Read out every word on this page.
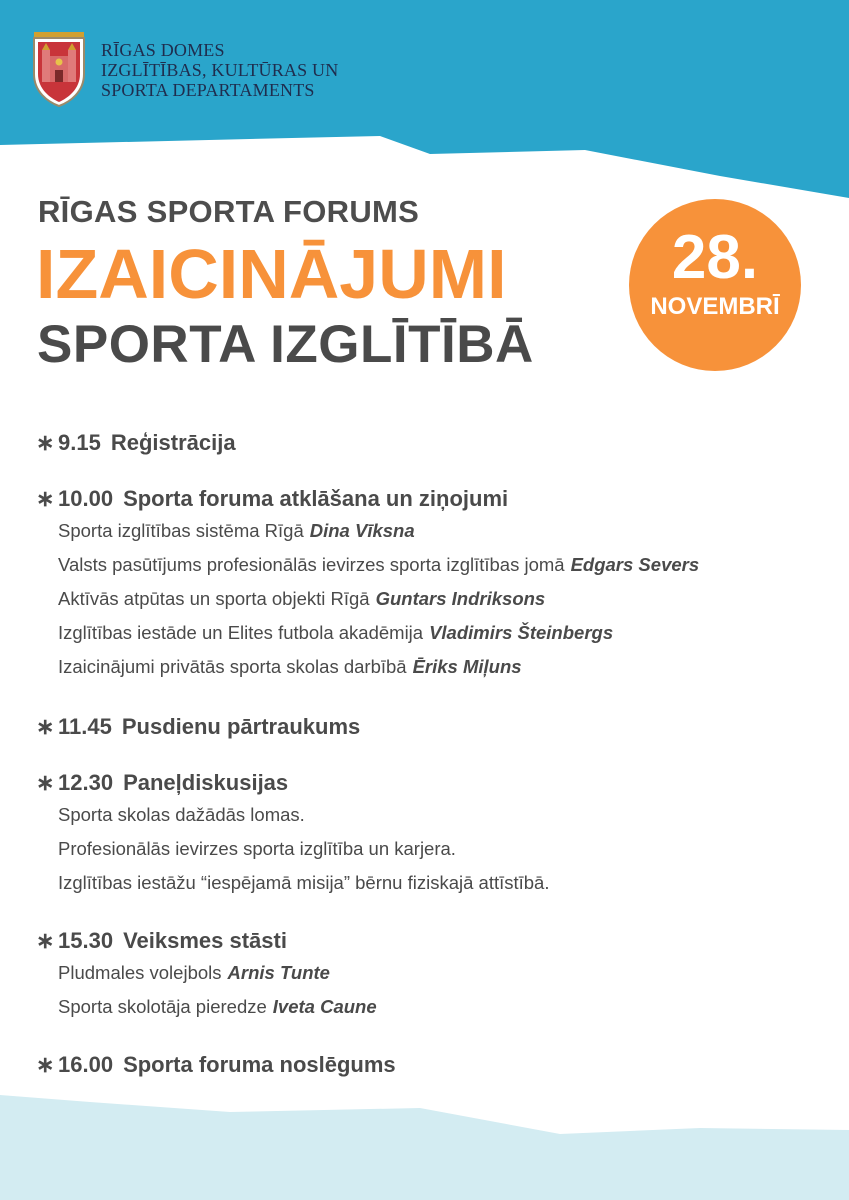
RĪGAS DOMES
IZGLĪTĪBAS, KULTŪRAS UN
SPORTA DEPARTAMENTS
RĪGAS SPORTA FORUMS
IZAICINĀJUMI
SPORTA IZGLĪTĪBĀ
28.
NOVEMBRĪ
∗ 9.15 Reģistrācija
∗ 10.00 Sporta foruma atklāšana un ziņojumi
Sporta izglītības sistēma Rīgā Dina Vīksna
Valsts pasūtījums profesionālās ievirzes sporta izglītības jomā Edgars Severs
Aktīvās atpūtas un sporta objekti Rīgā Guntars Indriksons
Izglītības iestāde un Elites futbola akadēmija Vladimirs Šteinbergs
Izaicinājumi privātās sporta skolas darbībā Ēriks Miļuns
∗ 11.45 Pusdienu pārtraukums
∗ 12.30 Paneļdiskusijas
Sporta skolas dažādās lomas.
Profesionālās ievirzes sporta izglītība un karjera.
Izglītības iestāžu “iespējamā misija” bērnu fiziskajā attīstībā.
∗ 15.30 Veiksmes stāsti
Pludmales volejbols Arnis Tunte
Sporta skolotāja pieredze Iveta Caune
∗ 16.00 Sporta foruma noslēgums
